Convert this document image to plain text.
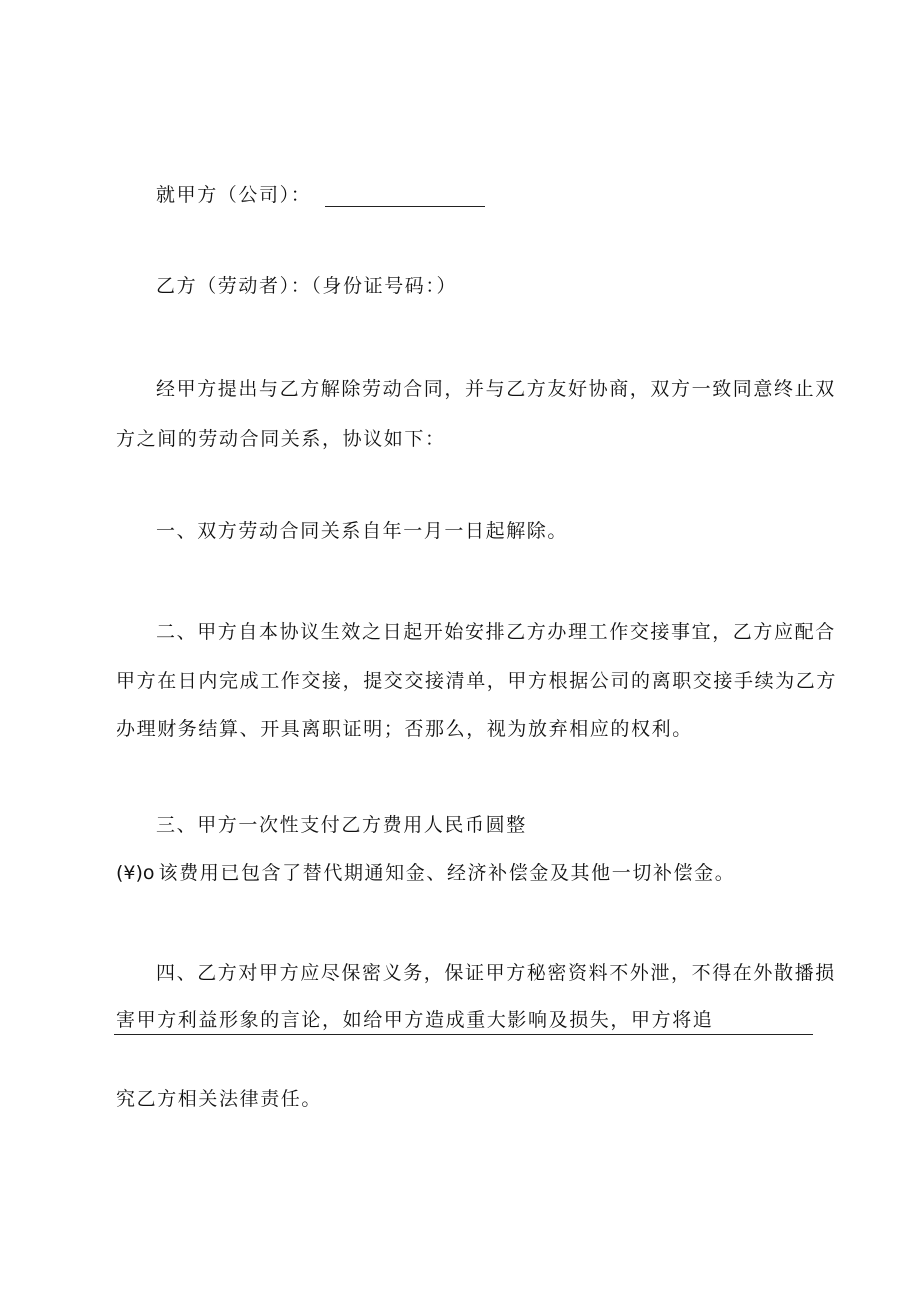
就甲方（公司）：
乙方（劳动者）：（身份证号码：）
经甲方提出与乙方解除劳动合同，并与乙方友好协商，双方一致同意终止双
方之间的劳动合同关系，协议如下：
一、双方劳动合同关系自年一月一日起解除。
二、甲方自本协议生效之日起开始安排乙方办理工作交接事宜，乙方应配合
甲方在日内完成工作交接，提交交接清单，甲方根据公司的离职交接手续为乙方
办理财务结算、开具离职证明；否那么，视为放弃相应的权利。
三、甲方一次性支付乙方费用人民币圆整
(¥)o 该费用已包含了替代期通知金、经济补偿金及其他一切补偿金。
四、乙方对甲方应尽保密义务，保证甲方秘密资料不外泄，不得在外散播损
害甲方利益形象的言论，如给甲方造成重大影响及损失，甲方将追
究乙方相关法律责任。
